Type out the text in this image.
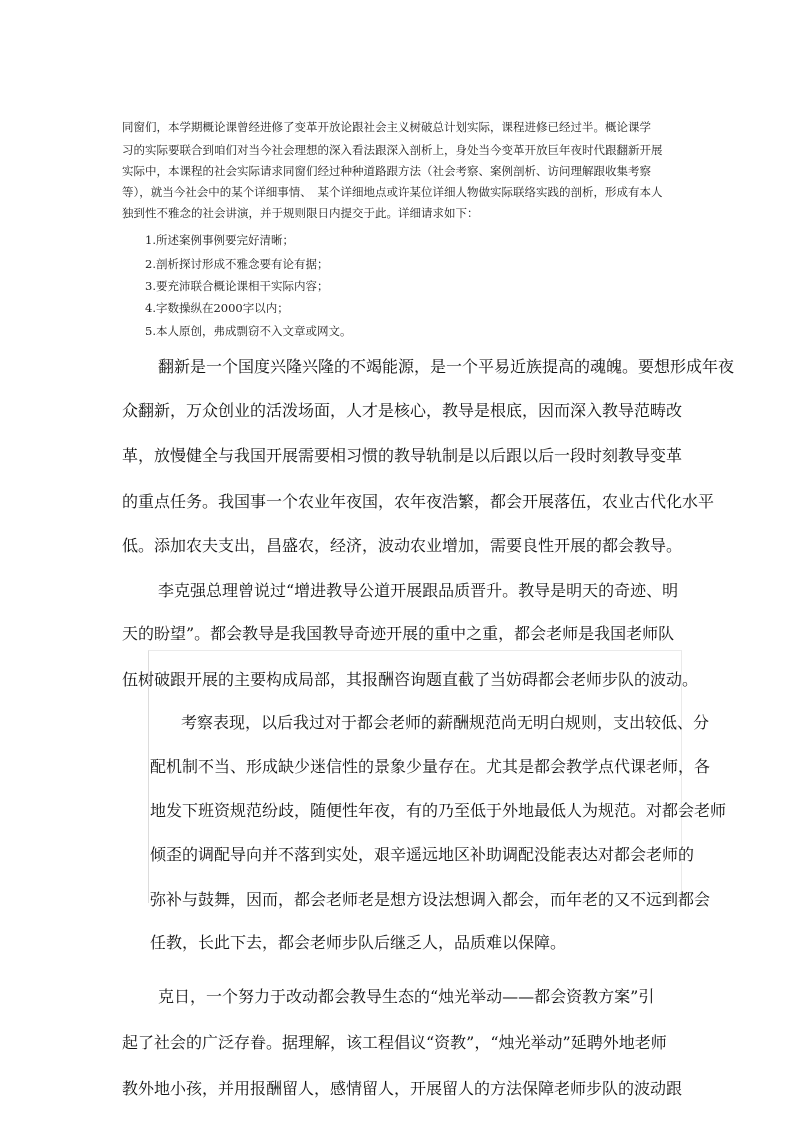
同窗们，本学期概论课曾经进修了变革开放论跟社会主义树破总计划实际，课程进修已经过半。概论课学
习的实际要联合到咱们对当今社会理想的深入看法跟深入剖析上，身处当今变革开放巨年夜时代跟翻新开展
实际中，本课程的社会实际请求同窗们经过种种道路跟方法（社会考察、案例剖析、访问理解跟收集考察
等），就当今社会中的某个详细事情、　某个详细地点或许某位详细人物做实际联络实践的剖析，形成有本人
独到性不雅念的社会讲演，并于规则限日内提交于此。详细请求如下：
1.所述案例事例要完好清晰；
2.剖析探讨形成不雅念要有论有据；
3.要充沛联合概论课相干实际内容；
4.字数操纵在2000字以内；
5.本人原创，弗成剽窃不入文章或网文。
翻新是一个国度兴隆兴隆的不竭能源，是一个平易近族提高的魂魄。要想形成年夜
众翻新，万众创业的活泼场面，人才是核心，教导是根底，因而深入教导范畴改
革，放慢健全与我国开展需要相习惯的教导轨制是以后跟以后一段时刻教导变革
的重点任务。我国事一个农业年夜国，农年夜浩繁，都会开展落伍，农业古代化水平
低。添加农夫支出，昌盛农，经济，波动农业增加，需要良性开展的都会教导。
李克强总理曾说过“增进教导公道开展跟品质晋升。教导是明天的奇迹、明
天的盼望”。都会教导是我国教导奇迹开展的重中之重，都会老师是我国老师队
伍树破跟开展的主要构成局部，其报酬咨询题直截了当妨碍都会老师步队的波动。
考察表现，以后我过对于都会老师的薪酬规范尚无明白规则，支出较低、分
配机制不当、形成缺少迷信性的景象少量存在。尤其是都会教学点代课老师，各
地发下班资规范纷歧，随便性年夜，有的乃至低于外地最低人为规范。对都会老师
倾歪的调配导向并不落到实处，艰辛遥远地区补助调配没能表达对都会老师的
弥补与鼓舞，因而，都会老师老是想方设法想调入都会，而年老的又不远到都会
任教，长此下去，都会老师步队后继乏人，品质难以保障。
克日，一个努力于改动都会教导生态的“烛光举动——都会资教方案”引
起了社会的广泛存眷。据理解，该工程倡议“资教”，“烛光举动”延聘外地老师
教外地小孩，并用报酬留人，感情留人，开展留人的方法保障老师步队的波动跟
